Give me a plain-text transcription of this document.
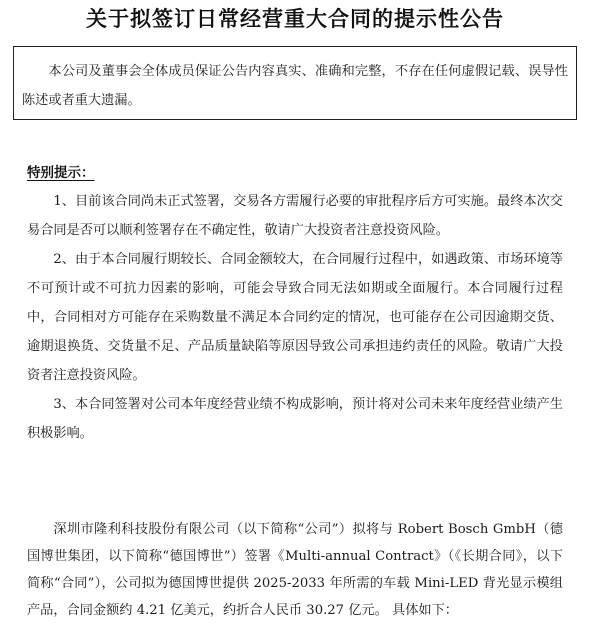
关于拟签订日常经营重大合同的提示性公告

本公司及董事会全体成员保证公告内容真实、准确和完整，不存在任何虚假记载、误导性陈述或者重大遗漏。

特别提示：

1、目前该合同尚未正式签署，交易各方需履行必要的审批程序后方可实施。最终本次交易合同是否可以顺利签署存在不确定性，敬请广大投资者注意投资风险。

2、由于本合同履行期较长、合同金额较大，在合同履行过程中，如遇政策、市场环境等不可预计或不可抗力因素的影响，可能会导致合同无法如期或全面履行。本合同履行过程中，合同相对方可能存在采购数量不满足本合同约定的情况，也可能存在公司因逾期交货、逾期退换货、交货量不足、产品质量缺陷等原因导致公司承担违约责任的风险。敬请广大投资者注意投资风险。

3、本合同签署对公司本年度经营业绩不构成影响，预计将对公司未来年度经营业绩产生积极影响。

深圳市隆利科技股份有限公司（以下简称“公司”）拟将与 Robert Bosch GmbH（德国博世集团，以下简称“德国博世”）签署《Multi-annual Contract》（《长期合同》，以下简称“合同”），公司拟为德国博世提供 2025-2033 年所需的车载 Mini-LED 背光显示模组产品，合同金额约 4.21 亿美元，约折合人民币 30.27 亿元。 具体如下：
